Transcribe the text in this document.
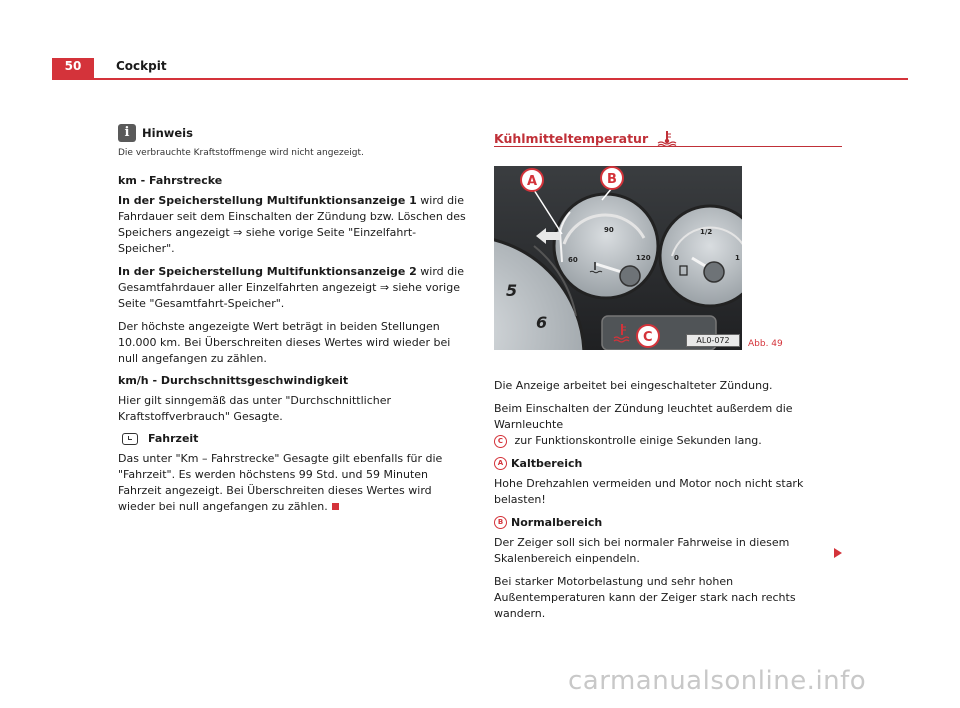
50	Cockpit
i	Hinweis

Die verbrauchte Kraftstoffmenge wird nicht angezeigt.

km - Fahrstrecke

In der Speicherstellung Multifunktionsanzeige 1 wird die Fahrdauer seit dem Einschalten der Zündung bzw. Löschen des Speichers angezeigt ⇒ siehe vorige Seite "Einzelfahrt-Speicher".

In der Speicherstellung Multifunktionsanzeige 2 wird die Gesamtfahrdauer aller Einzelfahrten angezeigt ⇒ siehe vorige Seite "Gesamtfahrt-Speicher".

Der höchste angezeigte Wert beträgt in beiden Stellungen 10.000 km. Bei Überschreiten dieses Wertes wird wieder bei null angefangen zu zählen.

km/h - Durchschnittsgeschwindigkeit

Hier gilt sinngemäß das unter "Durchschnittlicher Kraftstoffverbrauch" Gesagte.

Fahrzeit

Das unter "Km – Fahrstrecke" Gesagte gilt ebenfalls für die "Fahrzeit". Es werden höchstens 99 Std. und 59 Minuten Fahrzeit angezeigt. Bei Überschreiten dieses Wertes wird wieder bei null angefangen zu zählen.

Kühlmitteltemperatur
5
6
60
90
120	0
1/2
1
A	B
C	AL0-072	Abb. 49

Die Anzeige arbeitet bei eingeschalteter Zündung.

Beim Einschalten der Zündung leuchtet außerdem die Warnleuchte
C zur Funktionskontrolle einige Sekunden lang.

A Kaltbereich

Hohe Drehzahlen vermeiden und Motor noch nicht stark belasten!

B Normalbereich

Der Zeiger soll sich bei normaler Fahrweise in diesem Skalenbereich einpendeln.

Bei starker Motorbelastung und sehr hohen Außentemperaturen kann der Zeiger stark nach rechts wandern.

carmanualsonline.info
